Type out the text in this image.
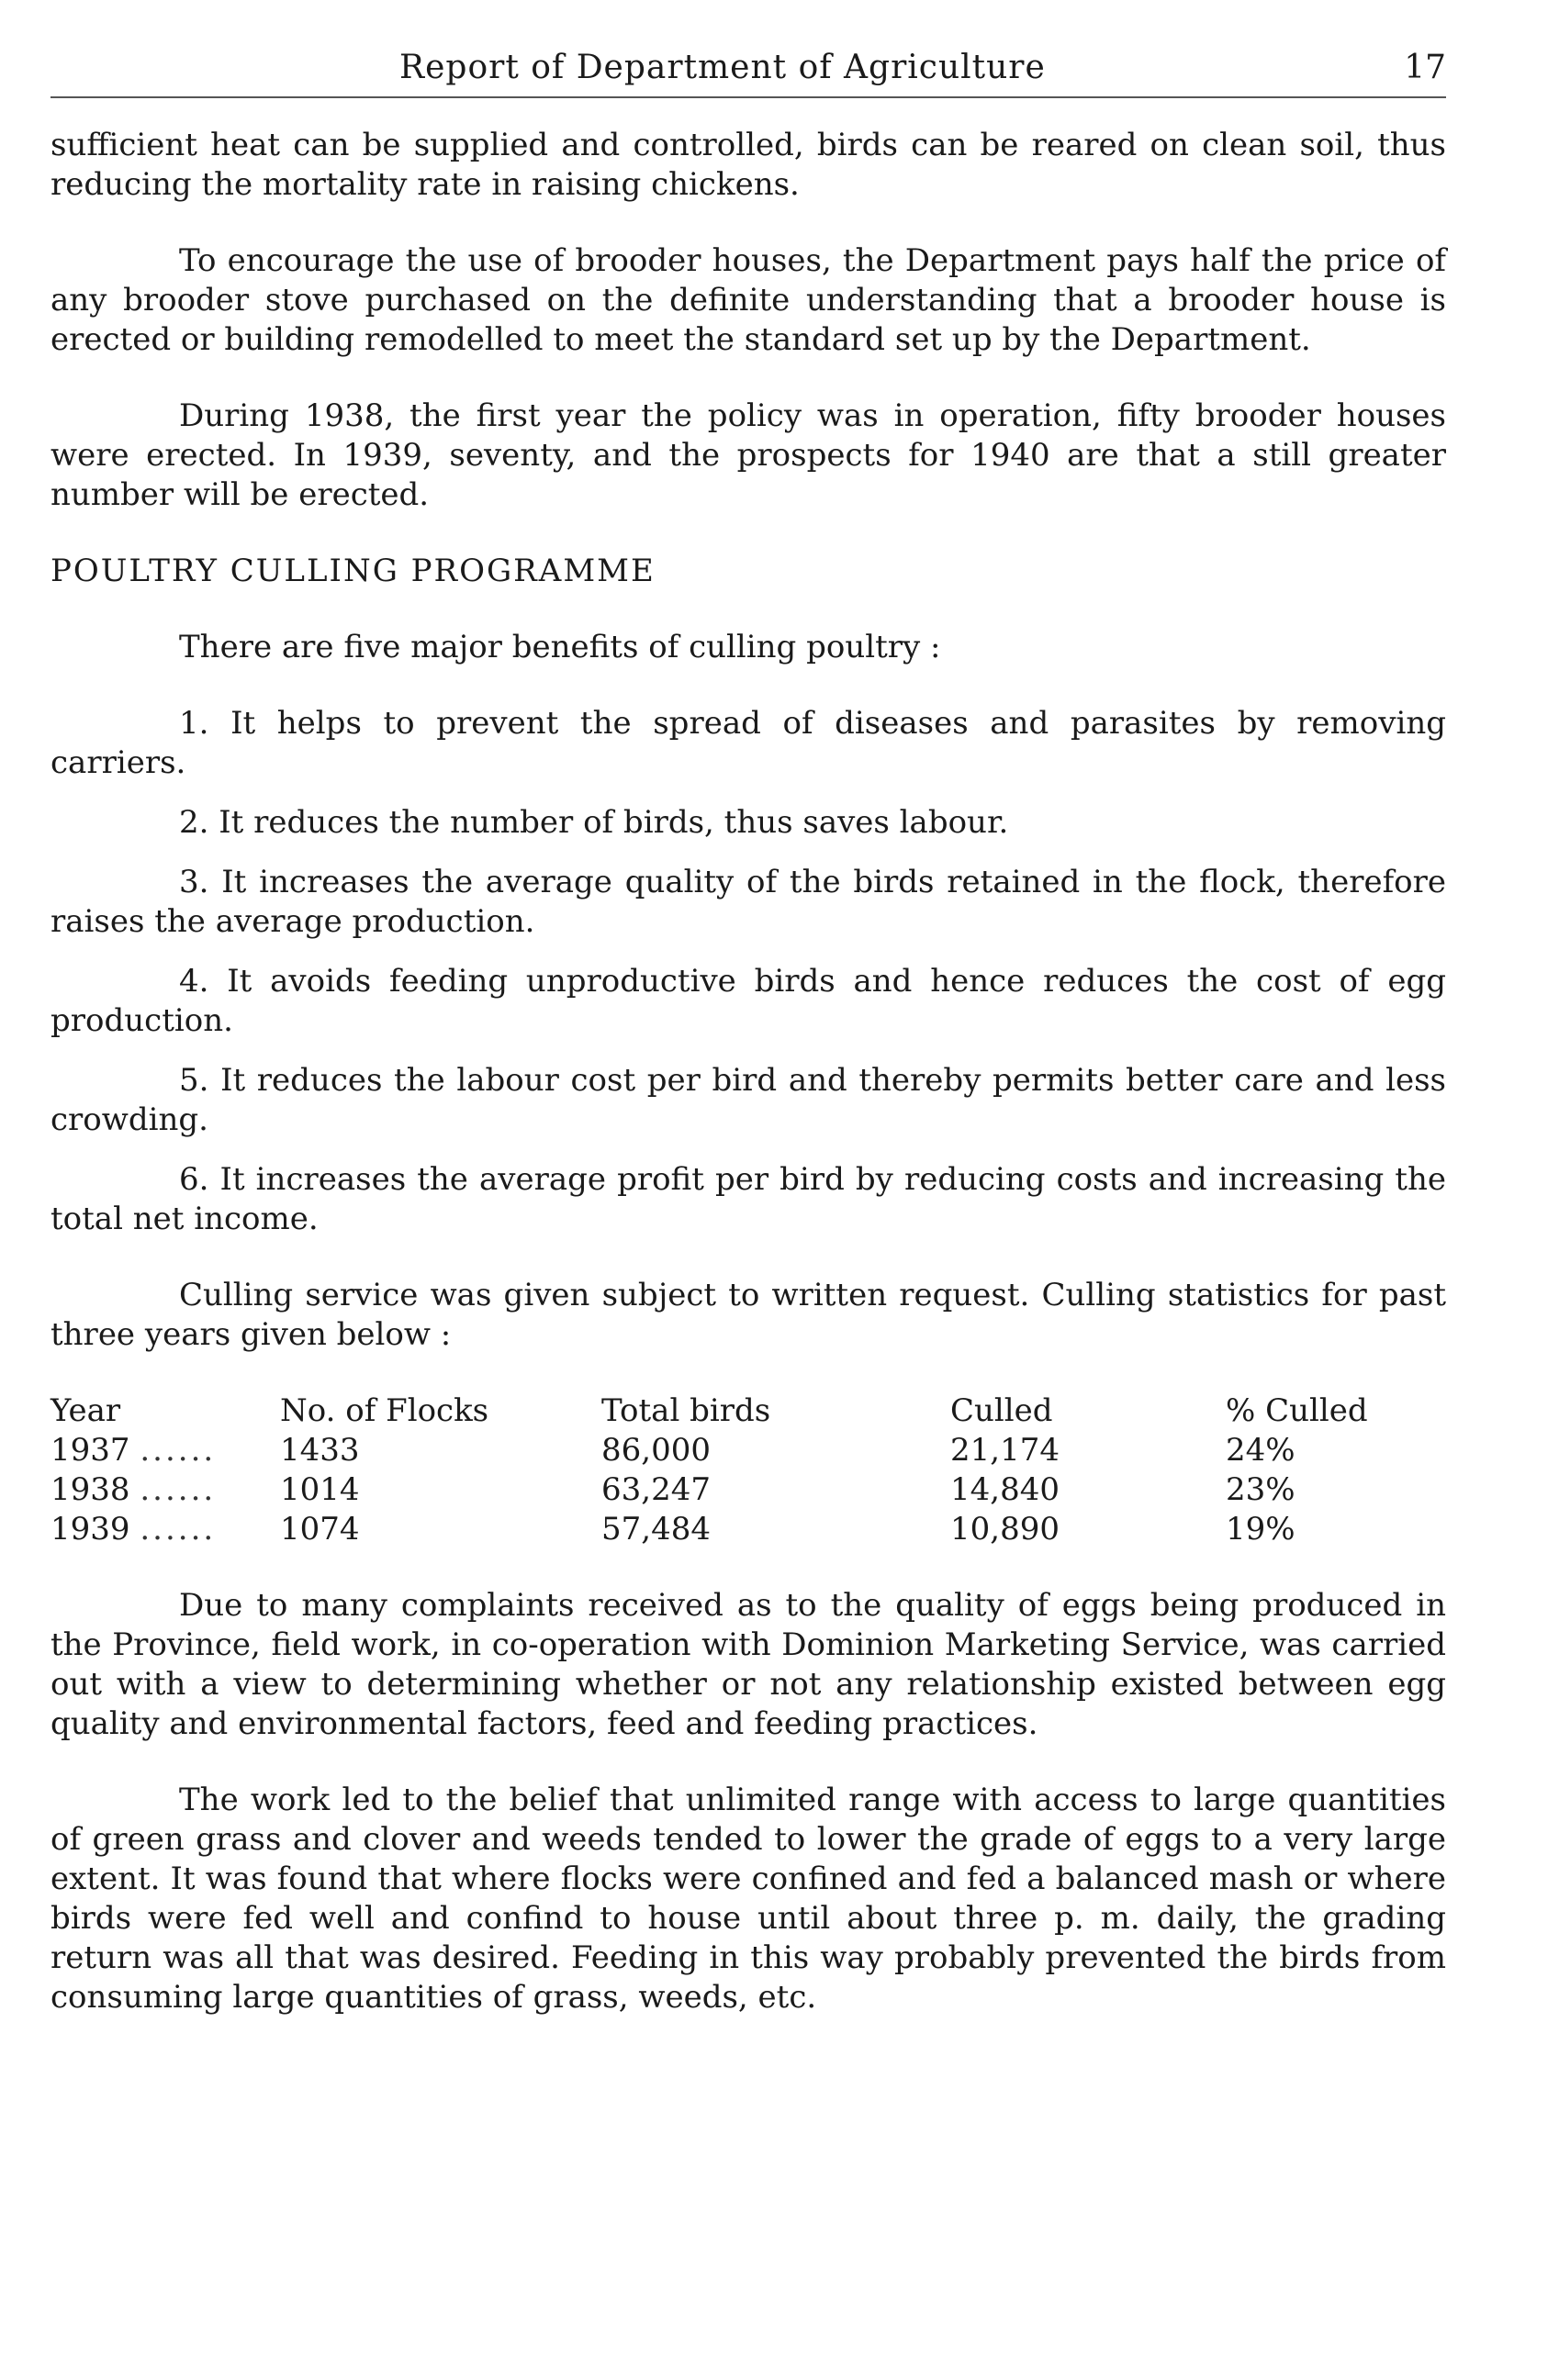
Report of Department of Agriculture	17

sufficient heat can be supplied and controlled, birds can be reared on clean soil, thus reducing the mortality rate in raising chickens.

To encourage the use of brooder houses, the Department pays half the price of any brooder stove purchased on the definite understanding that a brooder house is erected or building remodelled to meet the standard set up by the Department.

During 1938, the first year the policy was in operation, fifty brooder houses were erected. In 1939, seventy, and the prospects for 1940 are that a still greater number will be erected.

POULTRY CULLING PROGRAMME

There are five major benefits of culling poultry :

1. It helps to prevent the spread of diseases and parasites by removing carriers.

2. It reduces the number of birds, thus saves labour.

3. It increases the average quality of the birds retained in the flock, therefore raises the average production.

4. It avoids feeding unproductive birds and hence reduces the cost of egg production.

5. It reduces the labour cost per bird and thereby permits better care and less crowding.

6. It increases the average profit per bird by reducing costs and increasing the total net income.

Culling service was given subject to written request. Culling statistics for past three years given below :

Year	No. of Flocks	Total birds	Culled	% Culled
1937 ......	1433	86,000	21,174	24%
1938 ......	1014	63,247	14,840	23%
1939 ......	1074	57,484	10,890	19%

Due to many complaints received as to the quality of eggs being produced in the Province, field work, in co-operation with Dominion Marketing Service, was carried out with a view to determining whether or not any relationship existed between egg quality and environmental factors, feed and feeding practices.

The work led to the belief that unlimited range with access to large quantities of green grass and clover and weeds tended to lower the grade of eggs to a very large extent. It was found that where flocks were confined and fed a balanced mash or where birds were fed well and confind to house until about three p. m. daily, the grading return was all that was desired. Feeding in this way probably prevented the birds from consuming large quantities of grass, weeds, etc.
